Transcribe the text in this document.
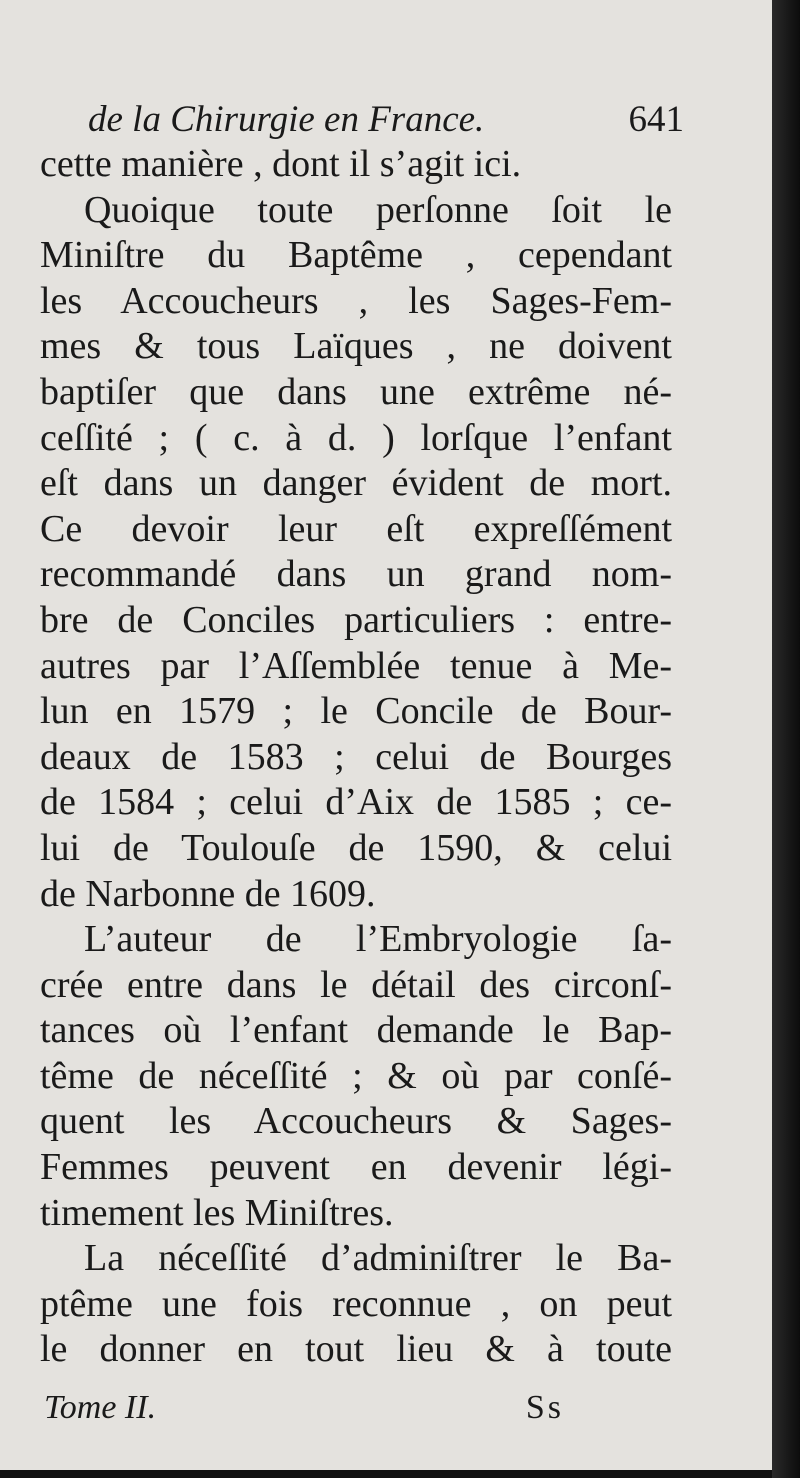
de la Chirurgie en France.	641
cette manière , dont il s’agit ici.
Quoique toute perſonne ſoit le
Miniſtre du Baptême , cependant
les Accoucheurs , les Sages-Fem-
mes & tous Laïques , ne doivent
baptiſer que dans une extrême né-
ceſſité ; ( c. à d. ) lorſque l’enfant
eſt dans un danger évident de mort.
Ce devoir leur eſt expreſſément
recommandé dans un grand nom-
bre de Conciles particuliers : entre-
autres par l’Aſſemblée tenue à Me-
lun en 1579 ; le Concile de Bour-
deaux de 1583 ; celui de Bourges
de 1584 ; celui d’Aix de 1585 ; ce-
lui de Toulouſe de 1590, & celui
de Narbonne de 1609.
L’auteur de l’Embryologie ſa-
crée entre dans le détail des circonſ-
tances où l’enfant demande le Bap-
tême de néceſſité ; & où par conſé-
quent les Accoucheurs & Sages-
Femmes peuvent en devenir légi-
timement les Miniſtres.
La néceſſité d’adminiſtrer le Ba-
ptême une fois reconnue , on peut
le donner en tout lieu & à toute
Tome II.	Ss
